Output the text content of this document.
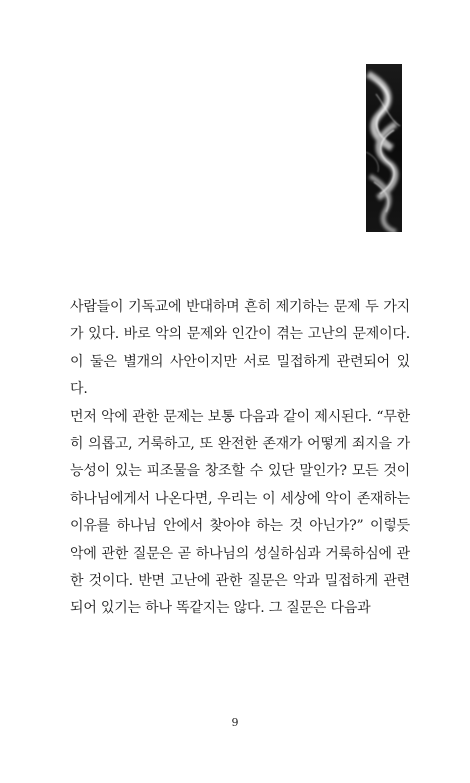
사람들이 기독교에 반대하며 흔히 제기하는 문제 두 가지가 있다. 바로 악의 문제와 인간이 겪는 고난의 문제이다. 이 둘은 별개의 사안이지만 서로 밀접하게 관련되어 있다.
먼저 악에 관한 문제는 보통 다음과 같이 제시된다. “무한히 의롭고, 거룩하고, 또 완전한 존재가 어떻게 죄지을 가능성이 있는 피조물을 창조할 수 있단 말인가? 모든 것이 하나님에게서 나온다면, 우리는 이 세상에 악이 존재하는 이유를 하나님 안에서 찾아야 하는 것 아닌가?” 이렇듯 악에 관한 질문은 곧 하나님의 성실하심과 거룩하심에 관한 것이다. 반면 고난에 관한 질문은 악과 밀접하게 관련되어 있기는 하나 똑같지는 않다. 그 질문은 다음과

9
